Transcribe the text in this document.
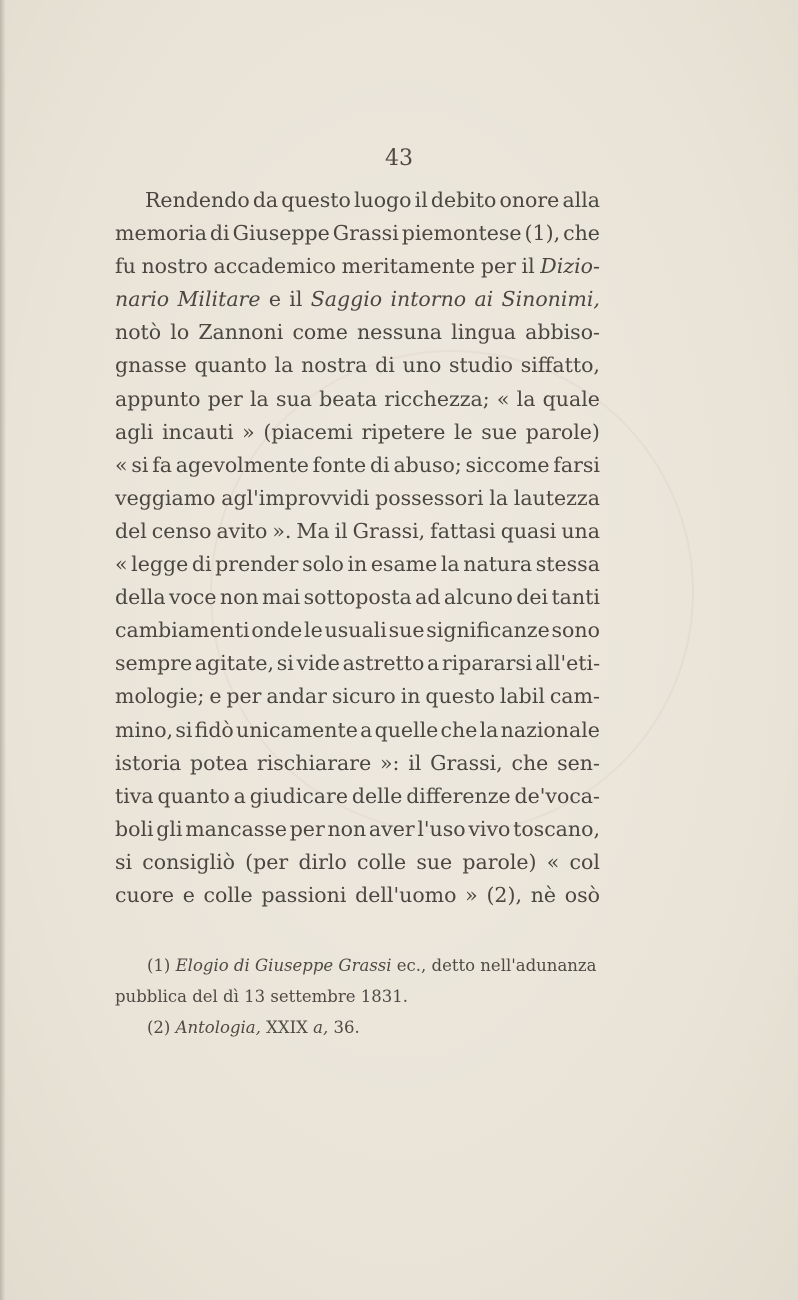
43
Rendendo da questo luogo il debito onore alla
memoria di Giuseppe Grassi piemontese (1), che
fu nostro accademico meritamente per il Dizio-
nario Militare e il Saggio intorno ai Sinonimi,
notò lo Zannoni come nessuna lingua abbiso-
gnasse quanto la nostra di uno studio siffatto,
appunto per la sua beata ricchezza; « la quale
agli incauti » (piacemi ripetere le sue parole)
« si fa agevolmente fonte di abuso; siccome farsi
veggiamo agl'improvvidi possessori la lautezza
del censo avito ». Ma il Grassi, fattasi quasi una
« legge di prender solo in esame la natura stessa
della voce non mai sottoposta ad alcuno dei tanti
cambiamenti onde le usuali sue significanze sono
sempre agitate, si vide astretto a ripararsi all'eti-
mologie; e per andar sicuro in questo labil cam-
mino, si fidò unicamente a quelle che la nazionale
istoria potea rischiarare »: il Grassi, che sen-
tiva quanto a giudicare delle differenze de'voca-
boli gli mancasse per non aver l'uso vivo toscano,
si consigliò (per dirlo colle sue parole) « col
cuore e colle passioni dell'uomo » (2), nè osò
(1) Elogio di Giuseppe Grassi ec., detto nell'adunanza
pubblica del dì 13 settembre 1831.
(2) Antologia, XXIX a, 36.
